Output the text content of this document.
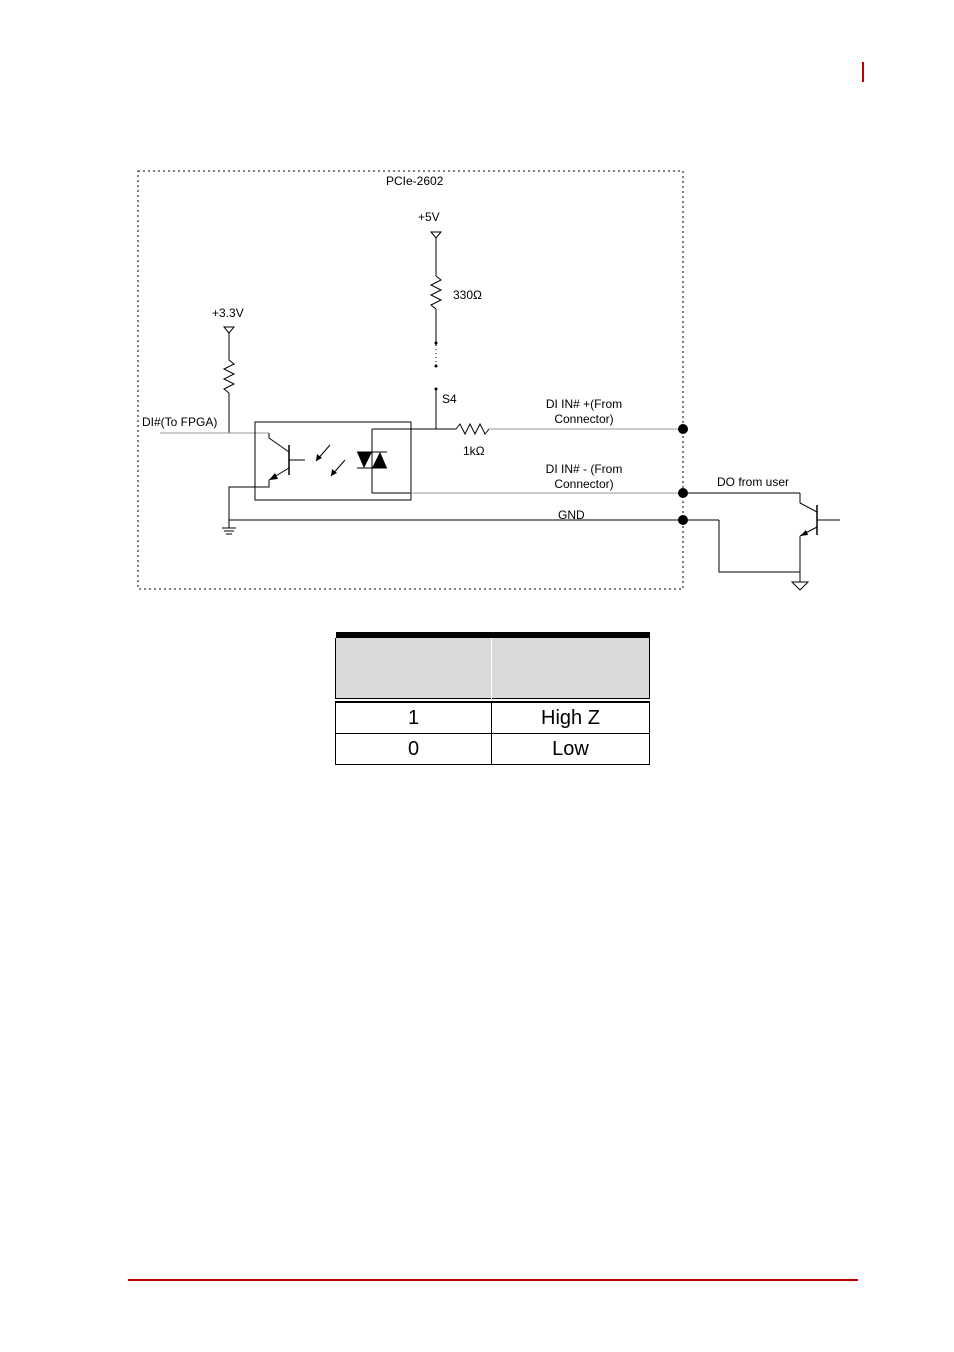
PCIe-2602
+5V
330Ω
S4
1kΩ
DI IN# +(From
Connector)
+3.3V
DI#(To FPGA)
DI IN# - (From
Connector)
GND
DO from user

1	High Z
0	Low
